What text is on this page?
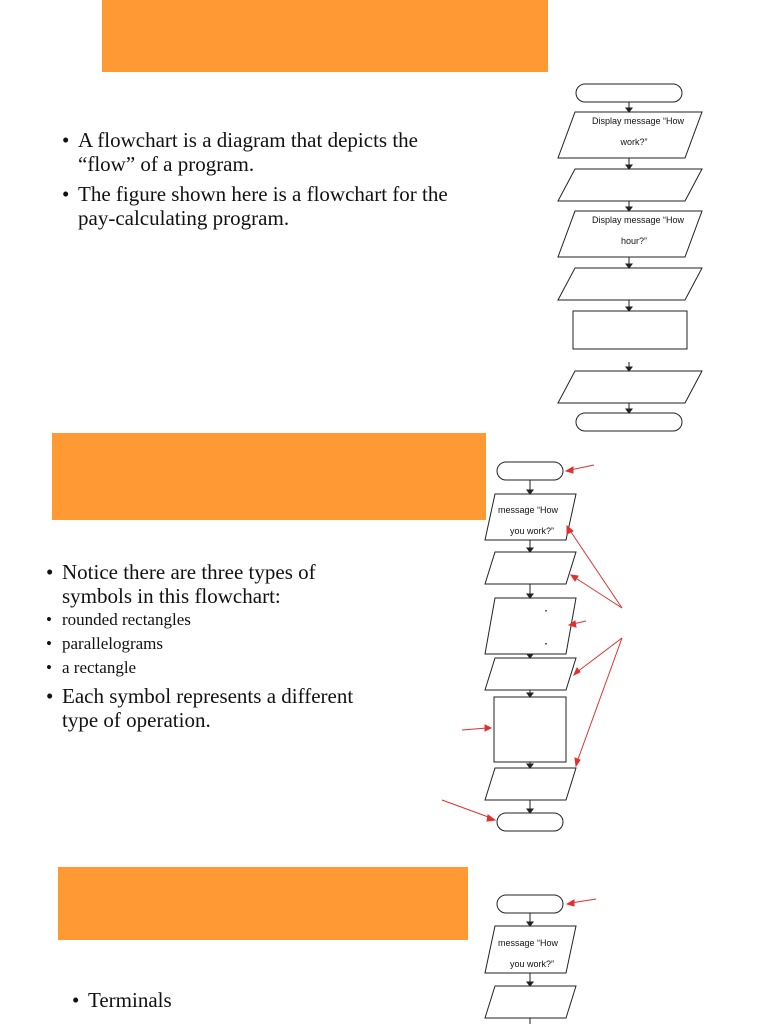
• A flowchart is a diagram that depicts the “flow” of a program.
• The figure shown here is a flowchart for the pay-calculating program.
Display message “How
work?”
Display message “How
hour?”
• Notice there are three types of symbols in this flowchart:
• rounded rectangles
• parallelograms
• a rectangle
• Each symbol represents a different type of operation.
message “How
you work?”
”
”
• Terminals
message “How
you work?”
